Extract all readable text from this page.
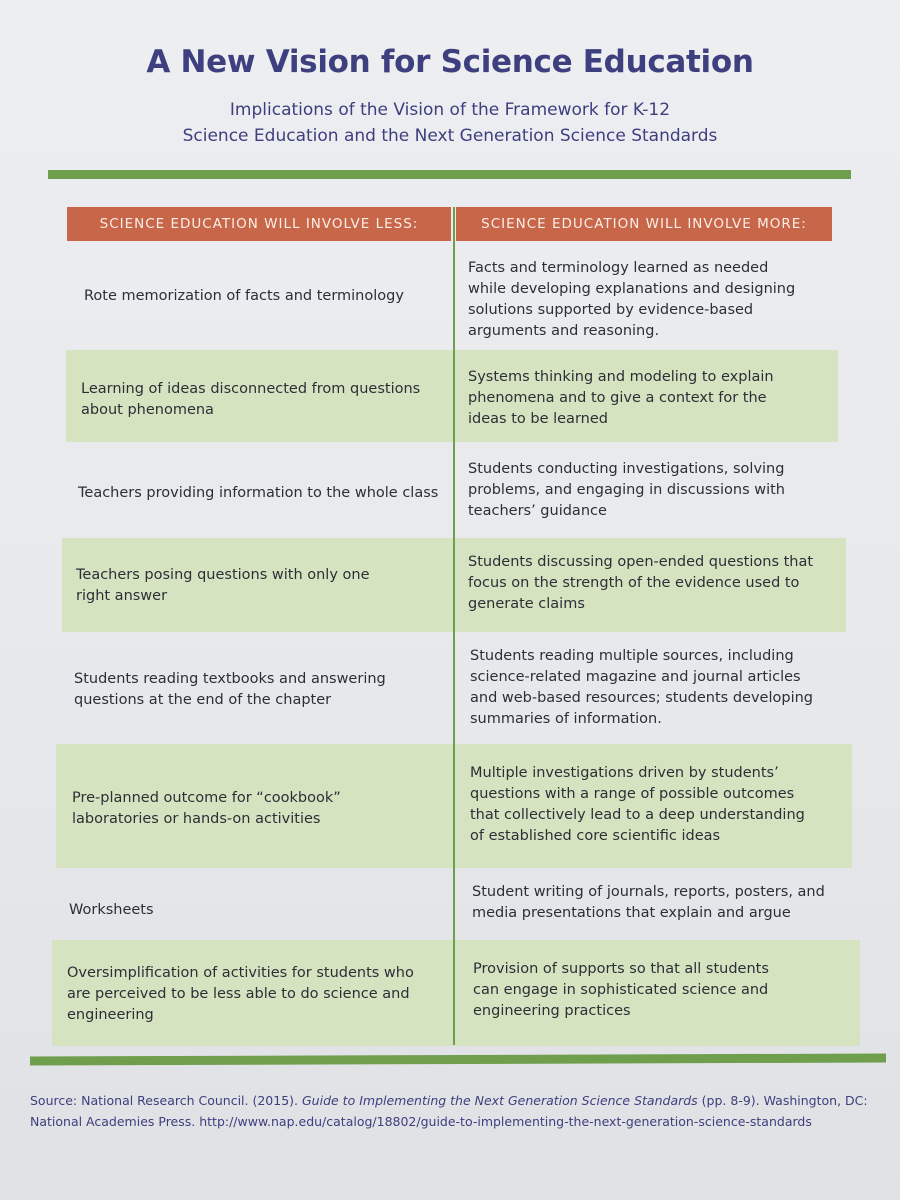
A New Vision for Science Education
Implications of the Vision of the Framework for K-12
Science Education and the Next Generation Science Standards
SCIENCE EDUCATION WILL INVOLVE LESS:	SCIENCE EDUCATION WILL INVOLVE MORE:
Rote memorization of facts and terminology
Facts and terminology learned as needed while developing explanations and designing solutions supported by evidence-based arguments and reasoning.
Learning of ideas disconnected from questions about phenomena
Systems thinking and modeling to explain phenomena and to give a context for the ideas to be learned
Teachers providing information to the whole class
Students conducting investigations, solving problems, and engaging in discussions with teachers’ guidance
Teachers posing questions with only one right answer
Students discussing open-ended questions that focus on the strength of the evidence used to generate claims
Students reading textbooks and answering questions at the end of the chapter
Students reading multiple sources, including science-related magazine and journal articles and web-based resources; students developing summaries of information.
Pre-planned outcome for “cookbook” laboratories or hands-on activities
Multiple investigations driven by students’ questions with a range of possible outcomes that collectively lead to a deep understanding of established core scientific ideas
Worksheets
Student writing of journals, reports, posters, and media presentations that explain and argue
Oversimplification of activities for students who are perceived to be less able to do science and engineering
Provision of supports so that all students can engage in sophisticated science and engineering practices
Source: National Research Council. (2015). Guide to Implementing the Next Generation Science Standards (pp. 8-9). Washington, DC: National Academies Press. http://www.nap.edu/catalog/18802/guide-to-implementing-the-next-generation-science-standards
